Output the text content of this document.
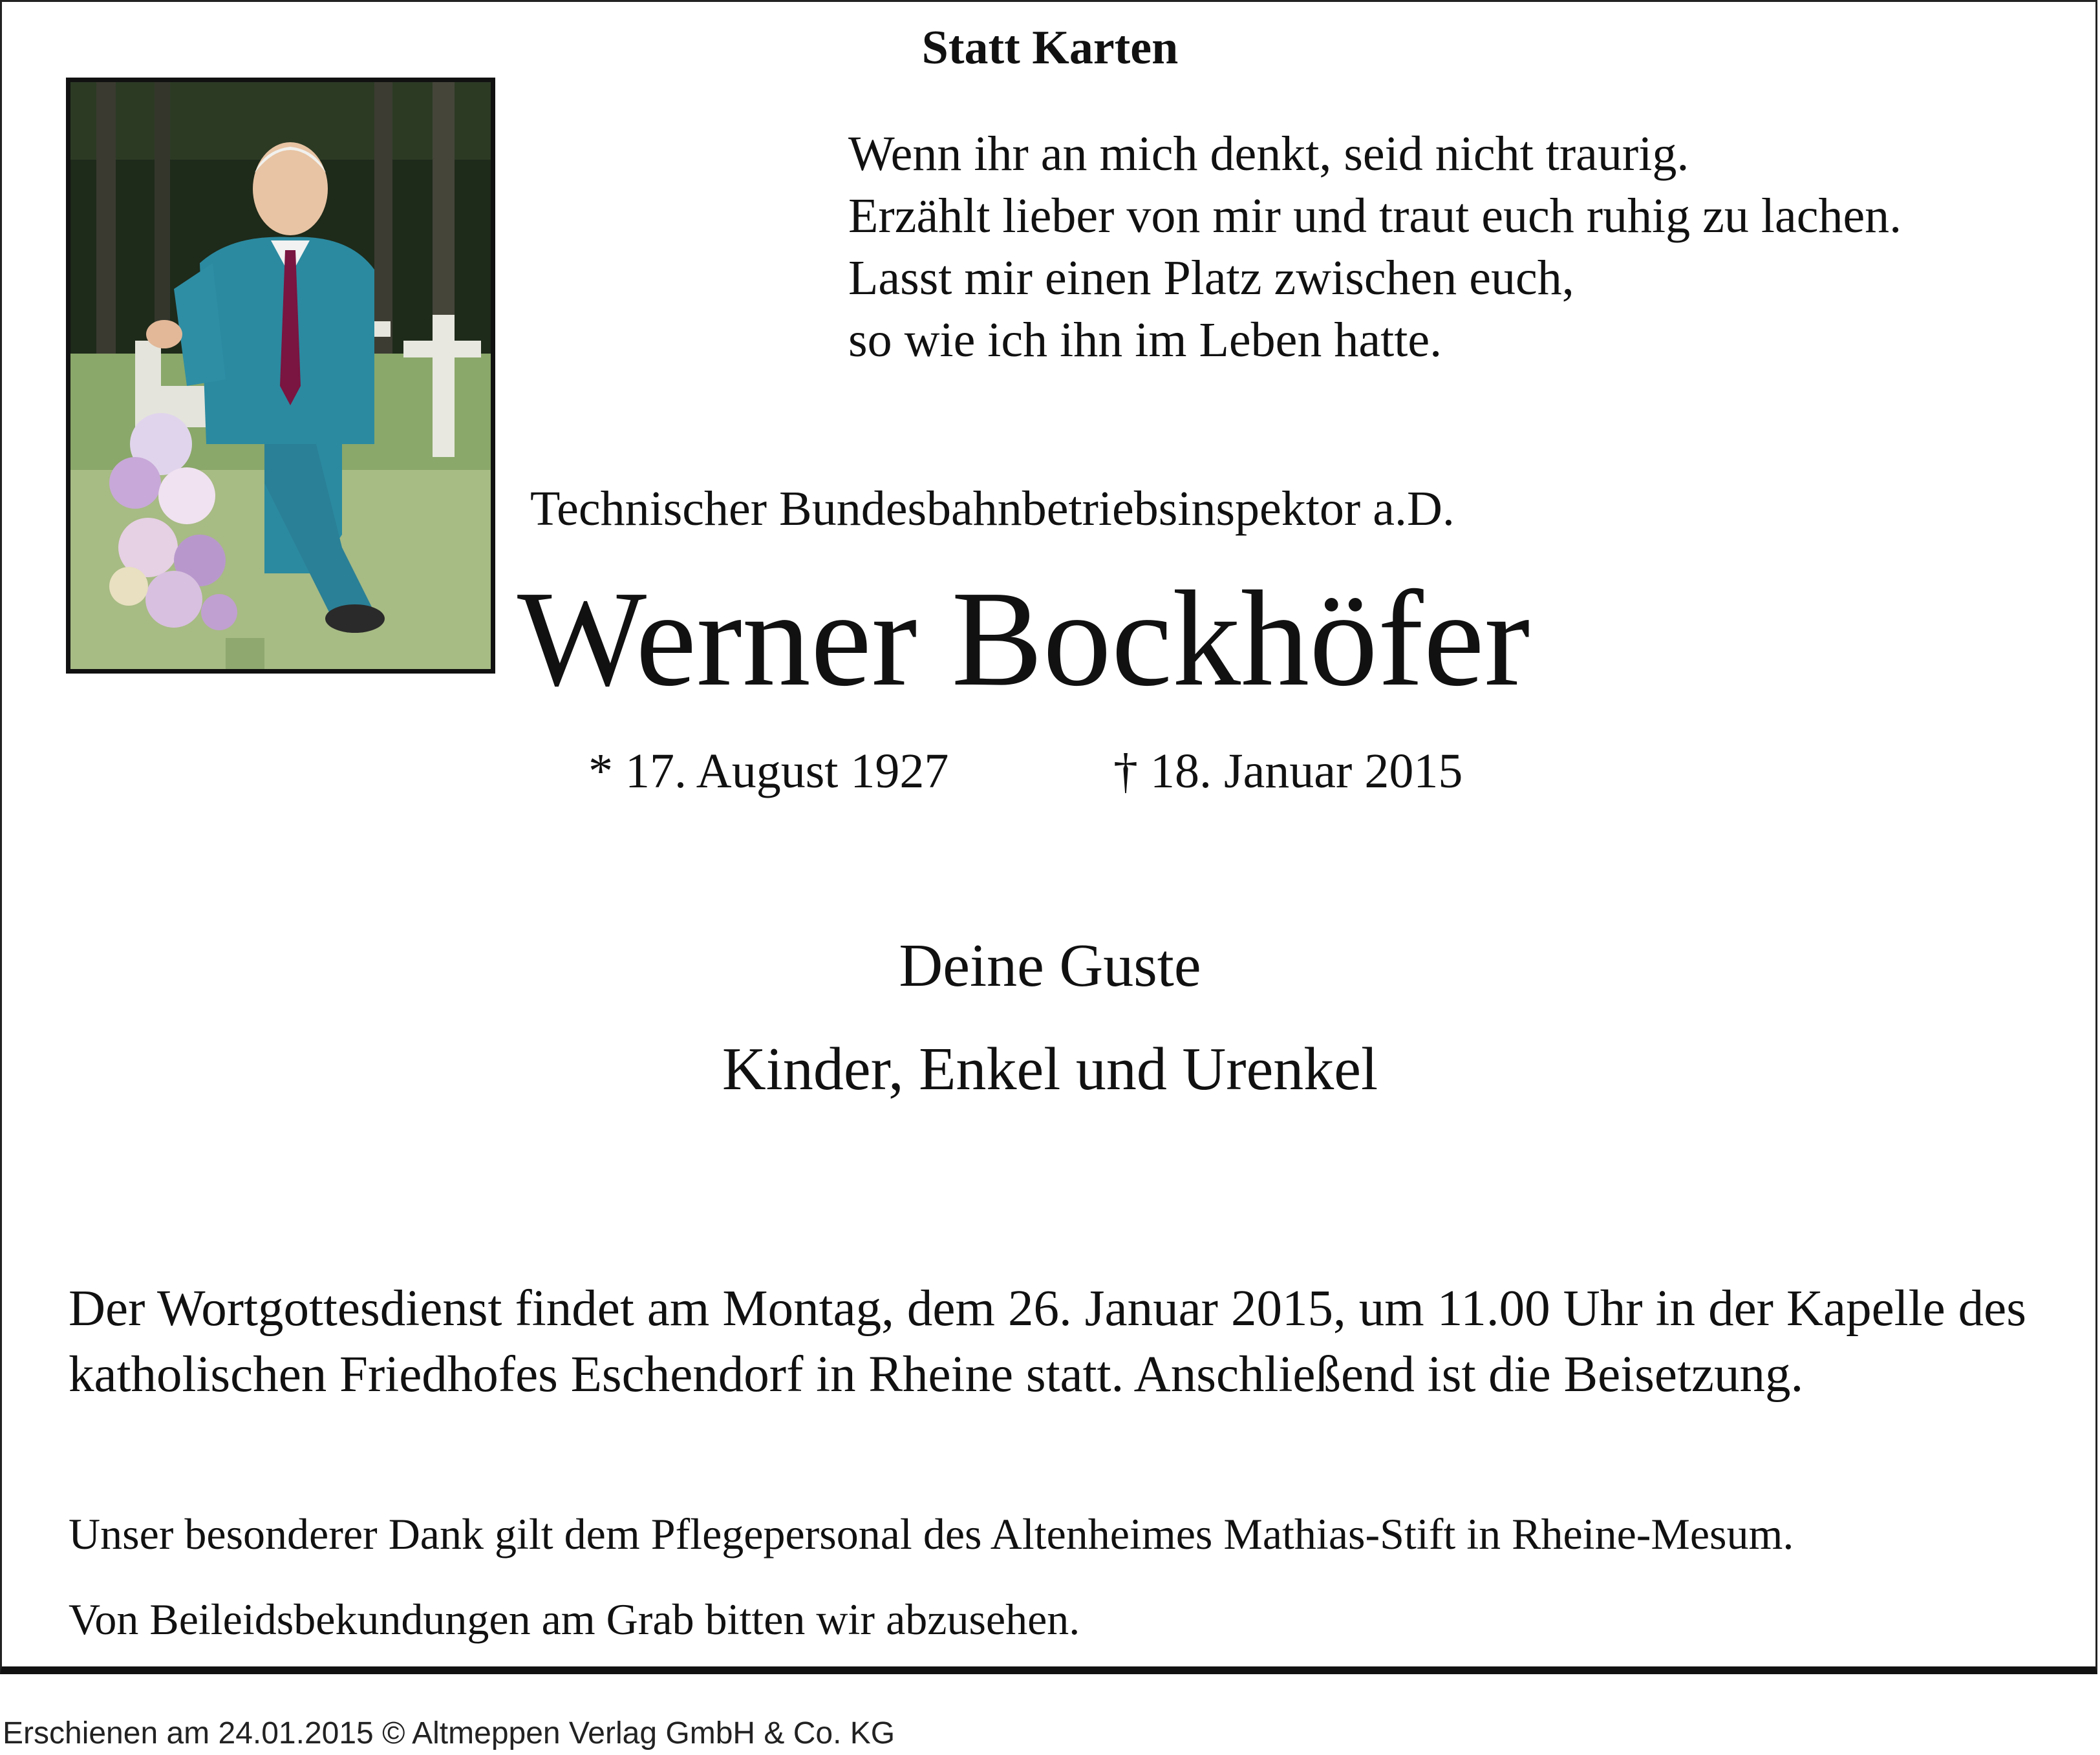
Statt Karten

Wenn ihr an mich denkt, seid nicht traurig.
Erzählt lieber von mir und traut euch ruhig zu lachen.
Lasst mir einen Platz zwischen euch,
so wie ich ihn im Leben hatte.

Technischer Bundesbahnbetriebsinspektor a.D.

Werner Bockhöfer

* 17. August 1927	† 18. Januar 2015

Deine Guste

Kinder, Enkel und Urenkel

Der Wortgottesdienst findet am Montag, dem 26. Januar 2015, um 11.00 Uhr in der Kapelle des katholischen Friedhofes Eschendorf in Rheine statt. Anschließend ist die Beisetzung.

Unser besonderer Dank gilt dem Pflegepersonal des Altenheimes Mathias-Stift in Rheine-Mesum.

Von Beileidsbekundungen am Grab bitten wir abzusehen.

Erschienen am 24.01.2015 © Altmeppen Verlag GmbH & Co. KG
